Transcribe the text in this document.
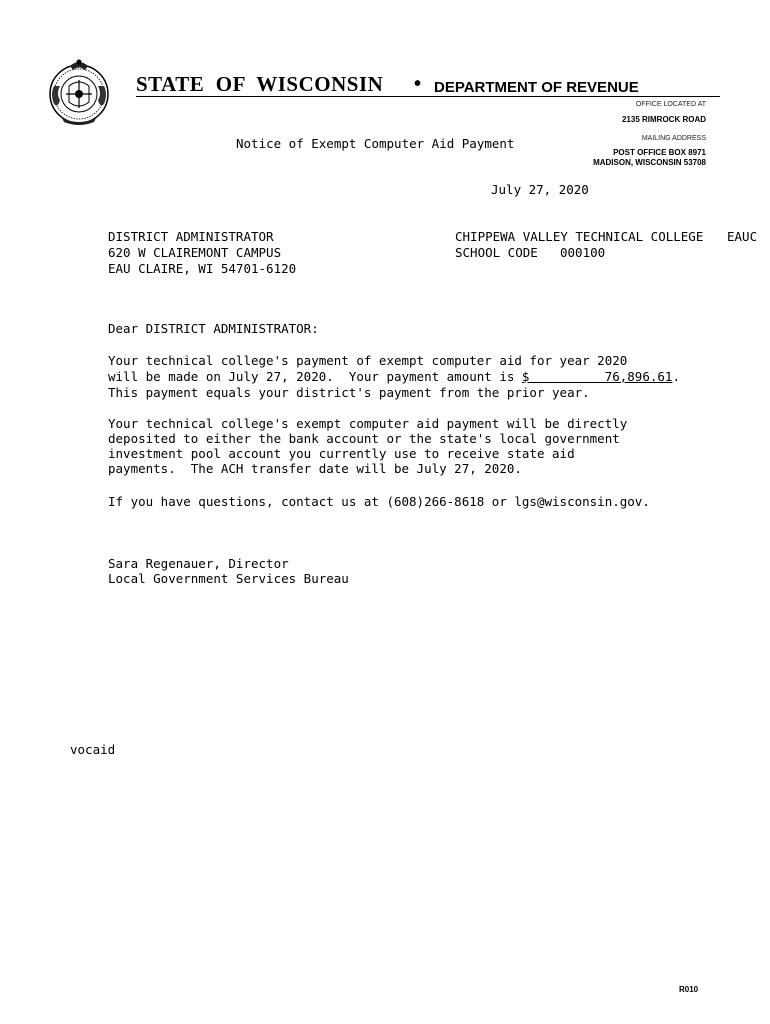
STATE  OF  WISCONSIN • DEPARTMENT OF REVENUE
OFFICE LOCATED AT
2135 RIMROCK ROAD
MAILING ADDRESS
POST OFFICE BOX 8971
MADISON, WISCONSIN 53708
Notice of Exempt Computer Aid Payment
July 27, 2020
DISTRICT ADMINISTRATOR
620 W CLAIREMONT CAMPUS
EAU CLAIRE, WI 54701-6120
CHIPPEWA VALLEY TECHNICAL COLLEGE EAUC
SCHOOL CODE 000100
Dear DISTRICT ADMINISTRATOR:
Your technical college's payment of exempt computer aid for year 2020
will be made on July 27, 2020.  Your payment amount is $          76,896.61.
This payment equals your district's payment from the prior year.
Your technical college's exempt computer aid payment will be directly
deposited to either the bank account or the state's local government
investment pool account you currently use to receive state aid
payments.  The ACH transfer date will be July 27, 2020.
If you have questions, contact us at (608)266-8618 or lgs@wisconsin.gov.
Sara Regenauer, Director
Local Government Services Bureau
vocaid
R010
